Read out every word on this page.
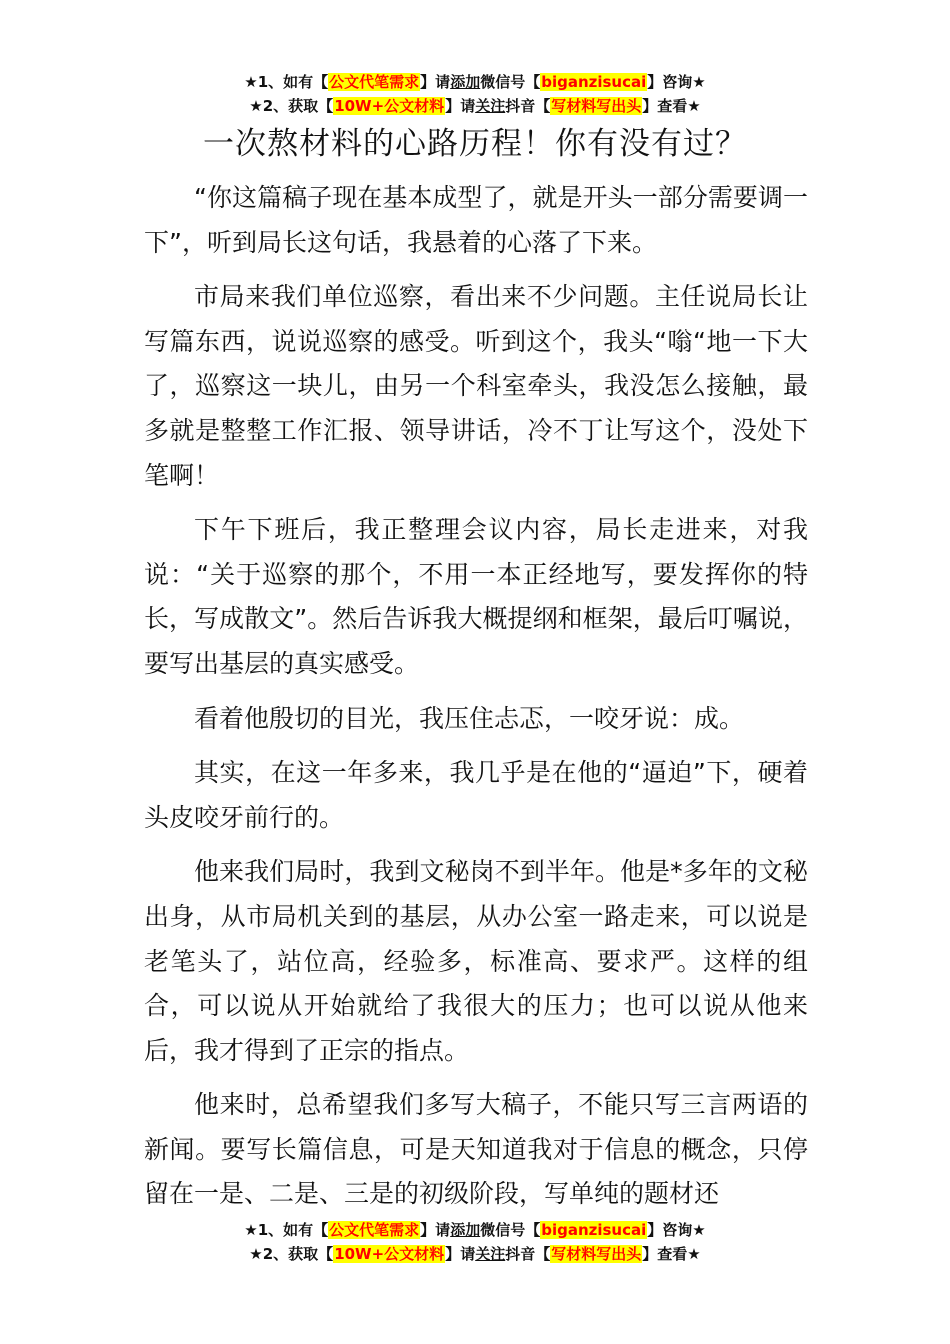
★1、如有【公文代笔需求】请添加微信号【biganzisucai】咨询★
★2、获取【10W+公文材料】请关注抖音【写材料写出头】查看★
一次熬材料的心路历程！你有没有过？

“你这篇稿子现在基本成型了，就是开头一部分需要调一下”，听到局长这句话，我悬着的心落了下来。

市局来我们单位巡察，看出来不少问题。主任说局长让写篇东西，说说巡察的感受。听到这个，我头“嗡“地一下大了，巡察这一块儿，由另一个科室牵头，我没怎么接触，最多就是整整工作汇报、领导讲话，冷不丁让写这个，没处下笔啊！

下午下班后，我正整理会议内容，局长走进来，对我说：“关于巡察的那个，不用一本正经地写，要发挥你的特长，写成散文”。然后告诉我大概提纲和框架，最后叮嘱说，要写出基层的真实感受。

看着他殷切的目光，我压住忐忑，一咬牙说：成。

其实，在这一年多来，我几乎是在他的“逼迫”下，硬着头皮咬牙前行的。

他来我们局时，我到文秘岗不到半年。他是*多年的文秘出身，从市局机关到的基层，从办公室一路走来，可以说是老笔头了，站位高，经验多，标准高、要求严。这样的组合，可以说从开始就给了我很大的压力；也可以说从他来后，我才得到了正宗的指点。

他来时，总希望我们多写大稿子，不能只写三言两语的新闻。要写长篇信息，可是天知道我对于信息的概念，只停留在一是、二是、三是的初级阶段，写单纯的题材还

★1、如有【公文代笔需求】请添加微信号【biganzisucai】咨询★
★2、获取【10W+公文材料】请关注抖音【写材料写出头】查看★
